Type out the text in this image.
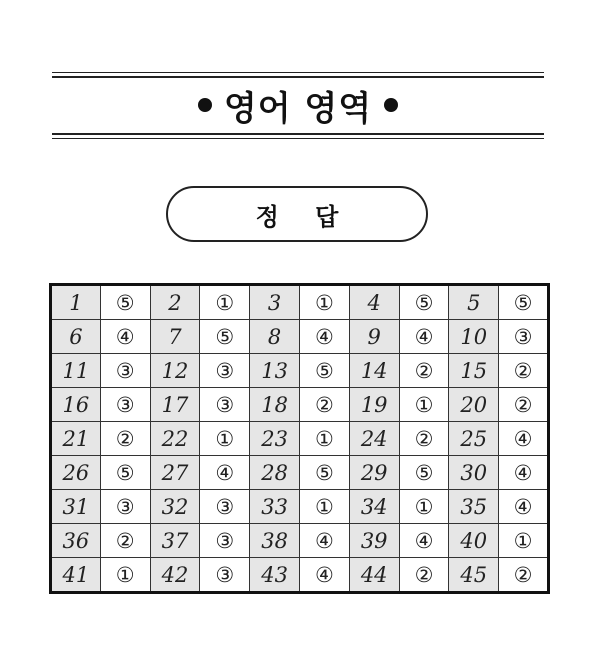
영어 영역
정 답
1	⑤	2	①	3	①	4	⑤	5	⑤
6	④	7	⑤	8	④	9	④	10	③
11	③	12	③	13	⑤	14	②	15	②
16	③	17	③	18	②	19	①	20	②
21	②	22	①	23	①	24	②	25	④
26	⑤	27	④	28	⑤	29	⑤	30	④
31	③	32	③	33	①	34	①	35	④
36	②	37	③	38	④	39	④	40	①
41	①	42	③	43	④	44	②	45	②
